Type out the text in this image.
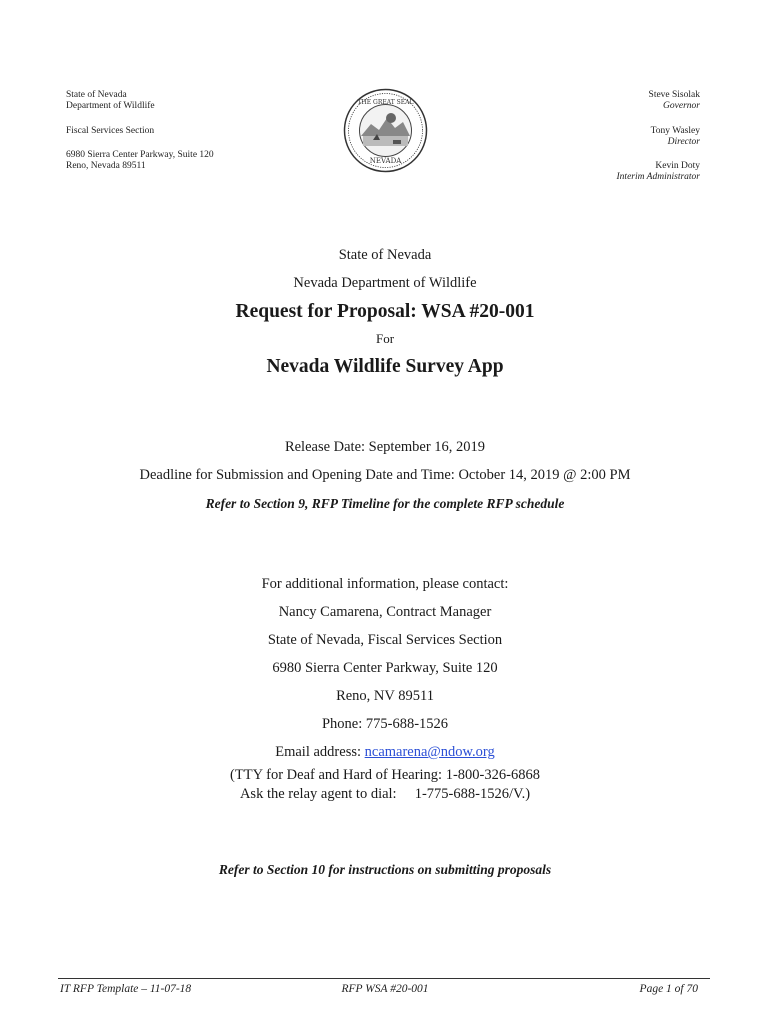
State of Nevada
Department of Wildlife
Fiscal Services Section
6980 Sierra Center Parkway, Suite 120
Reno, Nevada 89511
THE GREAT SEAL
NEVADA
Steve Sisolak
Governor
Tony Wasley
Director
Kevin Doty
Interim Administrator
State of Nevada
Nevada Department of Wildlife
Request for Proposal: WSA #20-001
For
Nevada Wildlife Survey App
Release Date: September 16, 2019
Deadline for Submission and Opening Date and Time: October 14, 2019 @ 2:00 PM
Refer to Section 9, RFP Timeline for the complete RFP schedule
For additional information, please contact:
Nancy Camarena, Contract Manager
State of Nevada, Fiscal Services Section
6980 Sierra Center Parkway, Suite 120
Reno, NV 89511
Phone: 775-688-1526
Email address: ncamarena@ndow.org
(TTY for Deaf and Hard of Hearing: 1-800-326-6868
Ask the relay agent to dial:     1-775-688-1526/V.)
Refer to Section 10 for instructions on submitting proposals
IT RFP Template – 11-07-18	RFP WSA #20-001	Page 1 of 70
